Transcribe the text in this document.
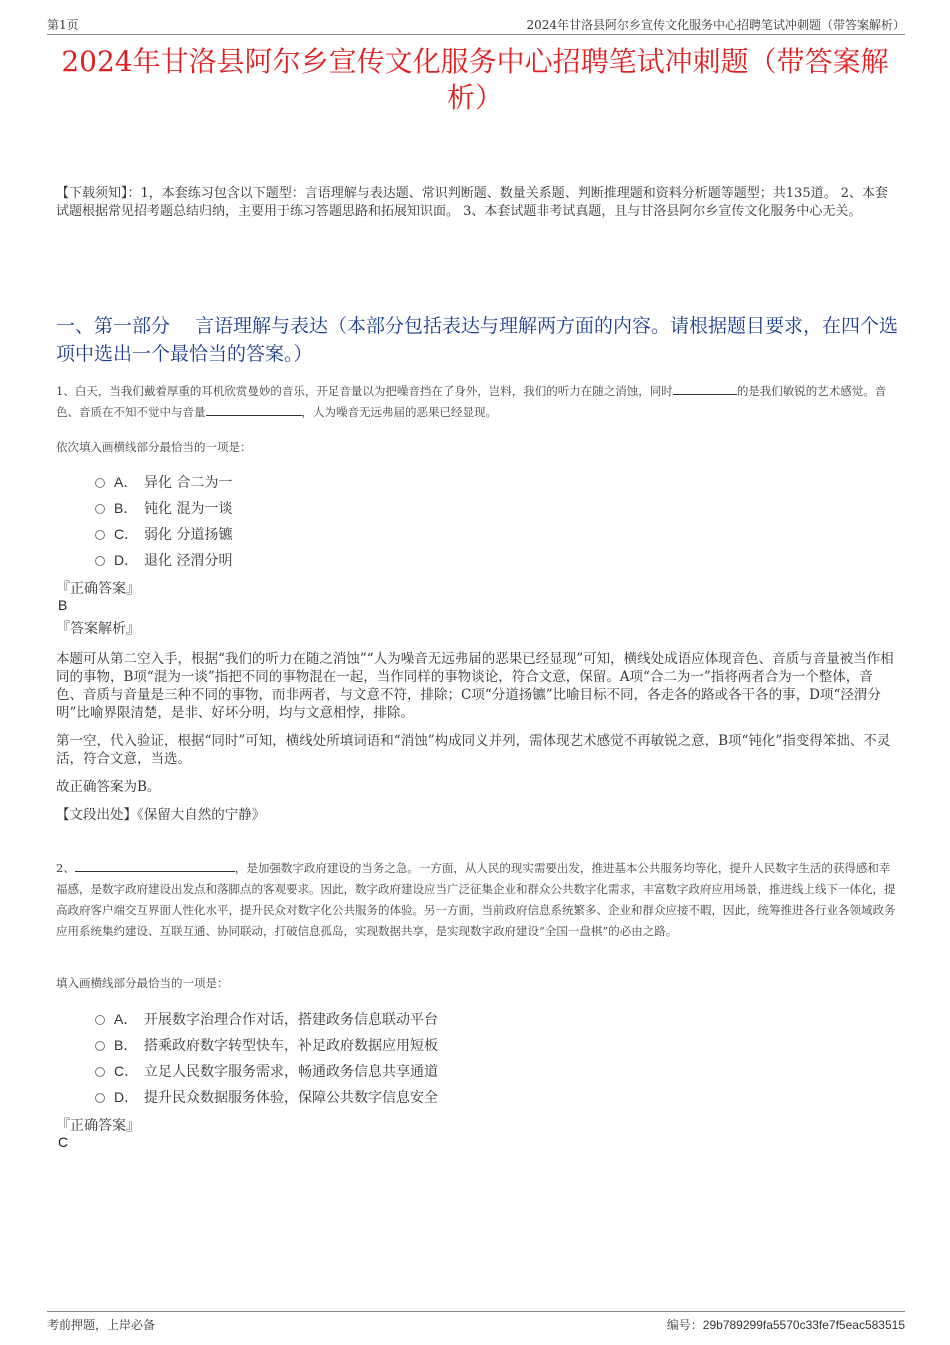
第1页	2024年甘洛县阿尔乡宣传文化服务中心招聘笔试冲刺题（带答案解析）
2024年甘洛县阿尔乡宣传文化服务中心招聘笔试冲刺题（带答案解析）
【下载须知】：1，本套练习包含以下题型：言语理解与表达题、常识判断题、数量关系题、判断推理题和资料分析题等题型；共135道。 2、本套试题根据常见招考题总结归纳，主要用于练习答题思路和拓展知识面。 3、本套试题非考试真题，且与甘洛县阿尔乡宣传文化服务中心无关。
一、第一部分　 言语理解与表达（本部分包括表达与理解两方面的内容。请根据题目要求，在四个选项中选出一个最恰当的答案。）
1、白天，当我们戴着厚重的耳机欣赏曼妙的音乐，开足音量以为把噪音挡在了身外，岂料，我们的听力在随之消蚀，同时	的是我们敏锐的艺术感觉。音色、音质在不知不觉中与音量	，人为噪音无远弗届的恶果已经显现。
依次填入画横线部分最恰当的一项是：
A． 异化 合二为一
B． 钝化 混为一谈
C． 弱化 分道扬镳
D． 退化 泾渭分明
『正确答案』
B
『答案解析』

本题可从第二空入手，根据“我们的听力在随之消蚀”“人为噪音无远弗届的恶果已经显现”可知，横线处成语应体现音色、音质与音量被当作相同的事物，B项“混为一谈”指把不同的事物混在一起，当作同样的事物谈论，符合文意，保留。A项“合二为一”指将两者合为一个整体，音色、音质与音量是三种不同的事物，而非两者，与文意不符，排除；C项“分道扬镳”比喻目标不同，各走各的路或各干各的事，D项“泾渭分明”比喻界限清楚，是非、好坏分明，均与文意相悖，排除。

第一空，代入验证，根据“同时”可知，横线处所填词语和“消蚀”构成同义并列，需体现艺术感觉不再敏锐之意，B项“钝化”指变得笨拙、不灵活，符合文意，当选。

故正确答案为B。

【文段出处】《保留大自然的宁静》

2、	，是加强数字政府建设的当务之急。一方面，从人民的现实需要出发，推进基本公共服务均等化，提升人民数字生活的获得感和幸福感，是数字政府建设出发点和落脚点的客观要求。因此，数字政府建设应当广泛征集企业和群众公共数字化需求，丰富数字政府应用场景，推进线上线下一体化，提高政府客户端交互界面人性化水平，提升民众对数字化公共服务的体验。另一方面，当前政府信息系统繁多、企业和群众应接不暇，因此，统筹推进各行业各领域政务应用系统集约建设、互联互通、协同联动，打破信息孤岛，实现数据共享，是实现数字政府建设“全国一盘棋”的必由之路。
填入画横线部分最恰当的一项是：
A． 开展数字治理合作对话，搭建政务信息联动平台
B． 搭乘政府数字转型快车，补足政府数据应用短板
C． 立足人民数字服务需求，畅通政务信息共享通道
D． 提升民众数据服务体验，保障公共数字信息安全
『正确答案』
C
考前押题，上岸必备	编号：29b789299fa5570c33fe7f5eac583515
